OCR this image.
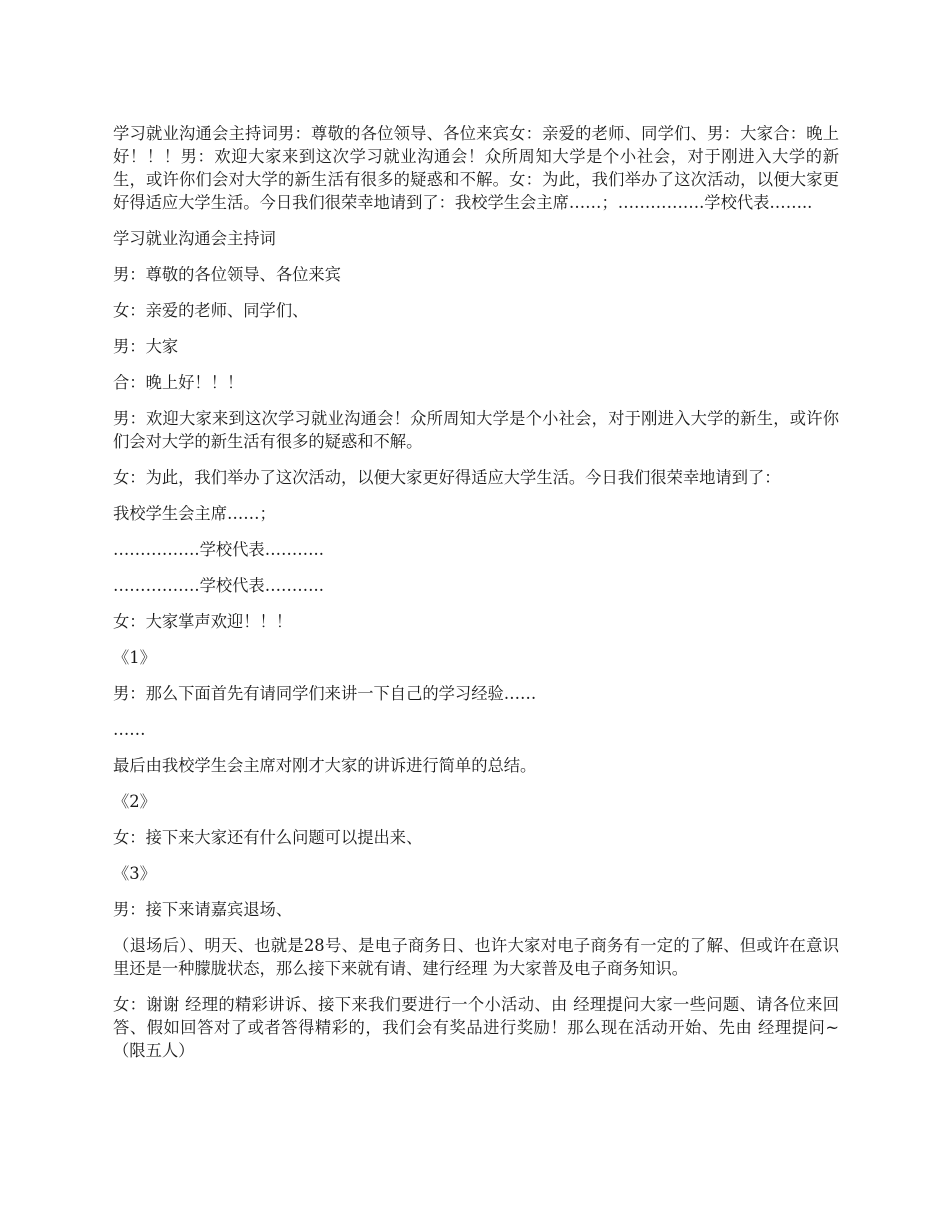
学习就业沟通会主持词男：尊敬的各位领导、各位来宾女：亲爱的老师、同学们、男：大家合：晚上好！！！男：欢迎大家来到这次学习就业沟通会！众所周知大学是个小社会，对于刚进入大学的新生，或许你们会对大学的新生活有很多的疑惑和不解。女：为此，我们举办了这次活动，以便大家更好得适应大学生活。今日我们很荣幸地请到了：我校学生会主席……；…………….学校代表……..

学习就业沟通会主持词

男：尊敬的各位领导、各位来宾

女：亲爱的老师、同学们、

男：大家

合：晚上好！！！

男：欢迎大家来到这次学习就业沟通会！众所周知大学是个小社会，对于刚进入大学的新生，或许你们会对大学的新生活有很多的疑惑和不解。

女：为此，我们举办了这次活动，以便大家更好得适应大学生活。今日我们很荣幸地请到了：

我校学生会主席……；

…………….学校代表………..

…………….学校代表………..

女：大家掌声欢迎！！！

《1》

男：那么下面首先有请同学们来讲一下自己的学习经验……

……

最后由我校学生会主席对刚才大家的讲诉进行简单的总结。

《2》

女：接下来大家还有什么问题可以提出来、

《3》

男：接下来请嘉宾退场、

（退场后）、明天、也就是28号、是电子商务日、也许大家对电子商务有一定的了解、但或许在意识里还是一种朦胧状态，那么接下来就有请、建行经理 为大家普及电子商务知识。

女：谢谢 经理的精彩讲诉、接下来我们要进行一个小活动、由 经理提问大家一些问题、请各位来回答、假如回答对了或者答得精彩的，我们会有奖品进行奖励！那么现在活动开始、先由 经理提问~（限五人）
